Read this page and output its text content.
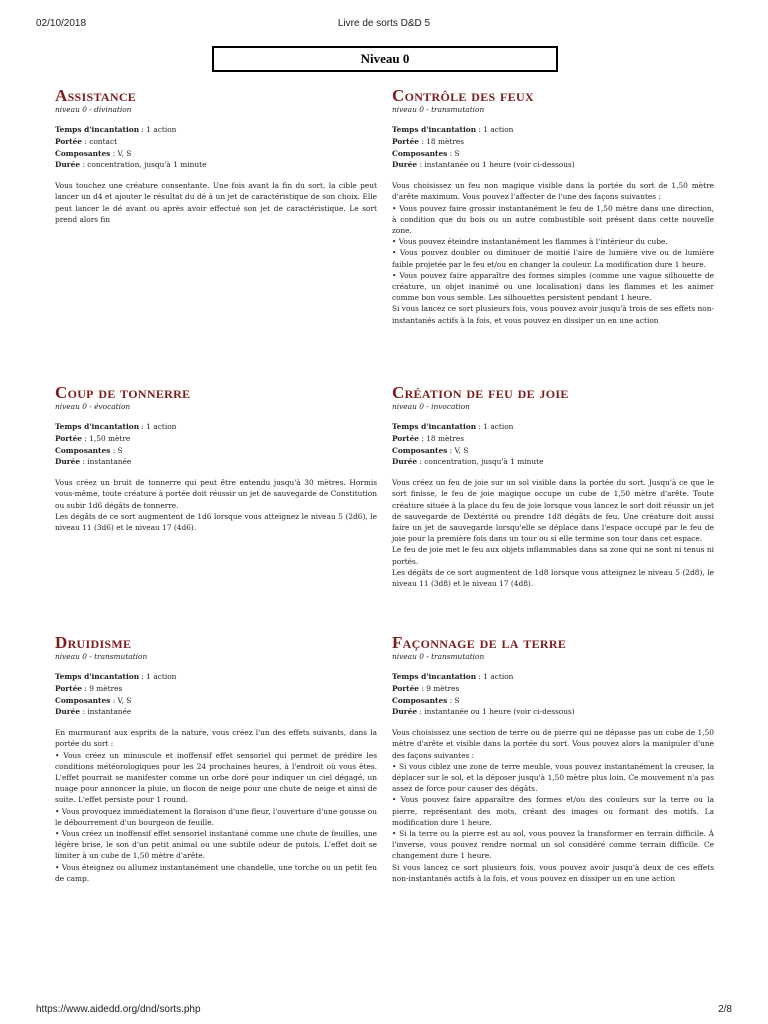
02/10/2018	Livre de sorts D&D 5
Niveau 0
Assistance
niveau 0 - divination
Temps d'incantation : 1 action
Portée : contact
Composantes : V, S
Durée : concentration, jusqu'à 1 minute

Vous touchez une créature consentante. Une fois avant la fin du sort, la cible peut lancer un d4 et ajouter le résultat du dé à un jet de caractéristique de son choix. Elle peut lancer le dé avant ou après avoir effectué son jet de caractéristique. Le sort prend alors fin

Contrôle des feux
niveau 0 - transmutation
Temps d'incantation : 1 action
Portée : 18 mètres
Composantes : S
Durée : instantanée ou 1 heure (voir ci-dessous)

Vous choisissez un feu non magique visible dans la portée du sort de 1,50 mètre d'arête maximum. Vous pouvez l'affecter de l'une des façons suivantes :

• Vous pouvez faire grossir instantanément le feu de 1,50 mètre dans une direction, à condition que du bois ou un autre combustible soit présent dans cette nouvelle zone.

• Vous pouvez éteindre instantanément les flammes à l'intérieur du cube.

• Vous pouvez doubler ou diminuer de moitié l'aire de lumière vive ou de lumière faible projetée par le feu et/ou en changer la couleur. La modification dure 1 heure.

• Vous pouvez faire apparaître des formes simples (comme une vague silhouette de créature, un objet inanimé ou une localisation) dans les flammes et les animer comme bon vous semble. Les silhouettes persistent pendant 1 heure.

Si vous lancez ce sort plusieurs fois, vous pouvez avoir jusqu'à trois de ses effets non-instantanés actifs à la fois, et vous pouvez en dissiper un en une action

Coup de tonnerre
niveau 0 - évocation
Temps d'incantation : 1 action
Portée : 1,50 mètre
Composantes : S
Durée : instantanée

Vous créez un bruit de tonnerre qui peut être entendu jusqu'à 30 mètres. Hormis vous-même, toute créature à portée doit réussir un jet de sauvegarde de Constitution ou subir 1d6 dégâts de tonnerre.

Les dégâts de ce sort augmentent de 1d6 lorsque vous atteignez le niveau 5 (2d6), le niveau 11 (3d6) et le niveau 17 (4d6).

Création de feu de joie
niveau 0 - invocation
Temps d'incantation : 1 action
Portée : 18 mètres
Composantes : V, S
Durée : concentration, jusqu'à 1 minute

Vous créez un feu de joie sur un sol visible dans la portée du sort. Jusqu'à ce que le sort finisse, le feu de joie magique occupe un cube de 1,50 mètre d'arête. Toute créature située à la place du feu de joie lorsque vous lancez le sort doit réussir un jet de sauvegarde de Dextérité ou prendre 1d8 dégâts de feu. Une créature doit aussi faire un jet de sauvegarde lorsqu'elle se déplace dans l'espace occupé par le feu de joie pour la première fois dans un tour ou si elle termine son tour dans cet espace.

Le feu de joie met le feu aux objets inflammables dans sa zone qui ne sont ni tenus ni portés.

Les dégâts de ce sort augmentent de 1d8 lorsque vous atteignez le niveau 5 (2d8), le niveau 11 (3d8) et le niveau 17 (4d8).

Druidisme
niveau 0 - transmutation
Temps d'incantation : 1 action
Portée : 9 mètres
Composantes : V, S
Durée : instantanée

En murmurant aux esprits de la nature, vous créez l'un des effets suivants, dans la portée du sort :

• Vous créez un minuscule et inoffensif effet sensoriel qui permet de prédire les conditions météorologiques pour les 24 prochaines heures, à l'endroit où vous êtes. L'effet pourrait se manifester comme un orbe doré pour indiquer un ciel dégagé, un nuage pour annoncer la pluie, un flocon de neige pour une chute de neige et ainsi de suite. L'effet persiste pour 1 round.

• Vous provoquez immédiatement la floraison d'une fleur, l'ouverture d'une gousse ou le débourrement d'un bourgeon de feuille.

• Vous créez un inoffensif effet sensoriel instantané comme une chute de feuilles, une légère brise, le son d'un petit animal ou une subtile odeur de putois. L'effet doit se limiter à un cube de 1,50 mètre d'arête.

• Vous éteignez ou allumez instantanément une chandelle, une torche ou un petit feu de camp.

Façonnage de la terre
niveau 0 - transmutation
Temps d'incantation : 1 action
Portée : 9 mètres
Composantes : S
Durée : instantanée ou 1 heure (voir ci-dessous)

Vous choisissez une section de terre ou de pierre qui ne dépasse pas un cube de 1,50 mètre d'arête et visible dans la portée du sort. Vous pouvez alors la manipuler d'une des façons suivantes :

• Si vous ciblez une zone de terre meuble, vous pouvez instantanément la creuser, la déplacer sur le sol, et la déposer jusqu'à 1,50 mètre plus loin. Ce mouvement n'a pas assez de force pour causer des dégâts.

• Vous pouvez faire apparaître des formes et/ou des couleurs sur la terre ou la pierre, représentant des mots, créant des images ou formant des motifs. La modification dure 1 heure.

• Si la terre ou la pierre est au sol, vous pouvez la transformer en terrain difficile. À l'inverse, vous pouvez rendre normal un sol considéré comme terrain difficile. Ce changement dure 1 heure.

Si vous lancez ce sort plusieurs fois, vous pouvez avoir jusqu'à deux de ces effets non-instantanés actifs à la fois, et vous pouvez en dissiper un en une action

https://www.aidedd.org/dnd/sorts.php	2/8
